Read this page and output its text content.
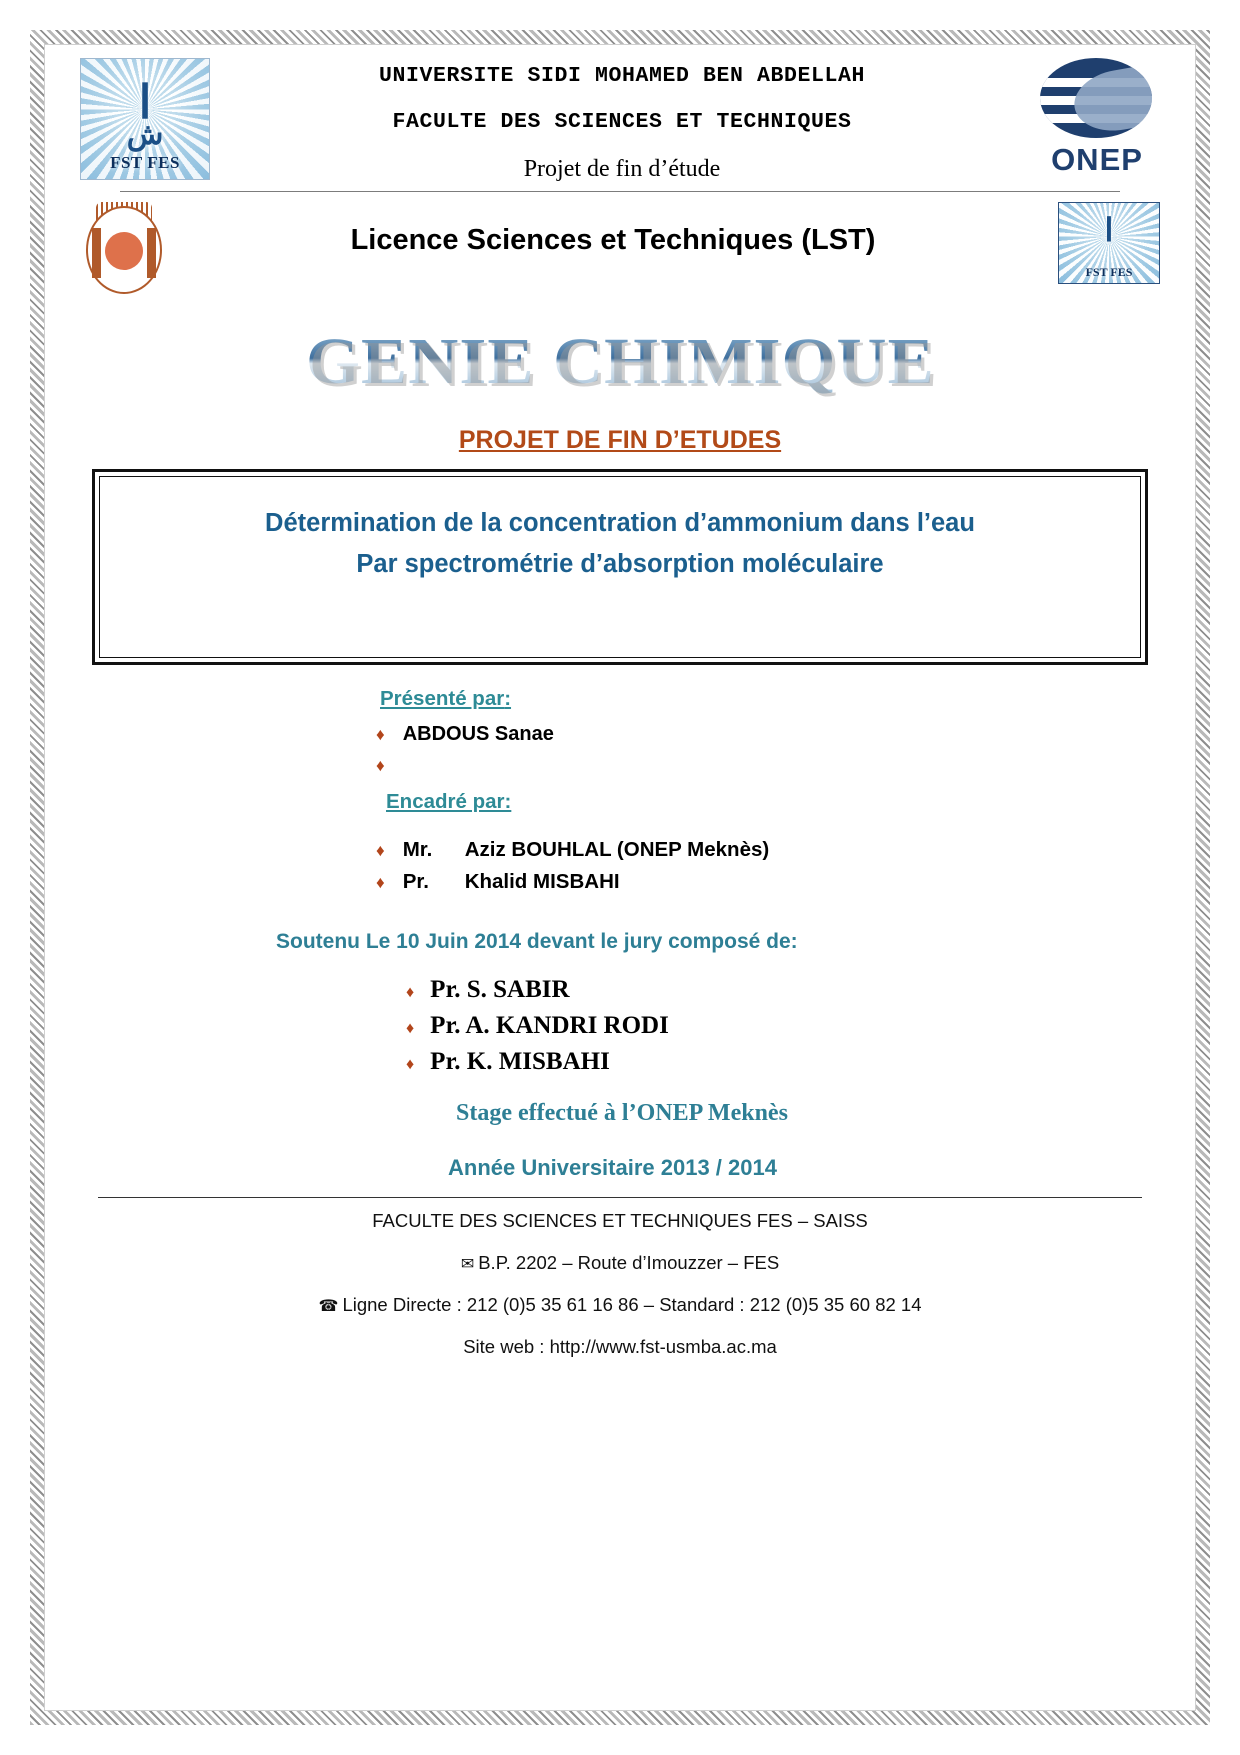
ا
ش
FST FES
UNIVERSITE SIDI MOHAMED BEN ABDELLAH
FACULTE DES SCIENCES ET TECHNIQUES
Projet de fin d’étude	ONEP
Licence Sciences et Techniques (LST)	ا
FST FES
GENIE CHIMIQUE
PROJET DE FIN D’ETUDES
Détermination de la concentration d’ammonium dans l’eau
Par spectrométrie d’absorption moléculaire
Présenté par:
♦ ABDOUS Sanae
♦
Encadré par:
♦ Mr.	Aziz BOUHLAL (ONEP Meknès)
♦ Pr.	Khalid MISBAHI
Soutenu Le 10 Juin 2014 devant le jury composé de:
♦ Pr. S. SABIR
♦ Pr. A. KANDRI RODI
♦ Pr. K. MISBAHI
Stage effectué à l’ONEP Meknès
Année Universitaire 2013 / 2014
FACULTE DES SCIENCES ET TECHNIQUES FES – SAISS
✉ B.P. 2202 – Route d’Imouzzer – FES
☎ Ligne Directe : 212 (0)5 35 61 16 86 – Standard : 212 (0)5 35 60 82 14
Site web : http://www.fst-usmba.ac.ma
